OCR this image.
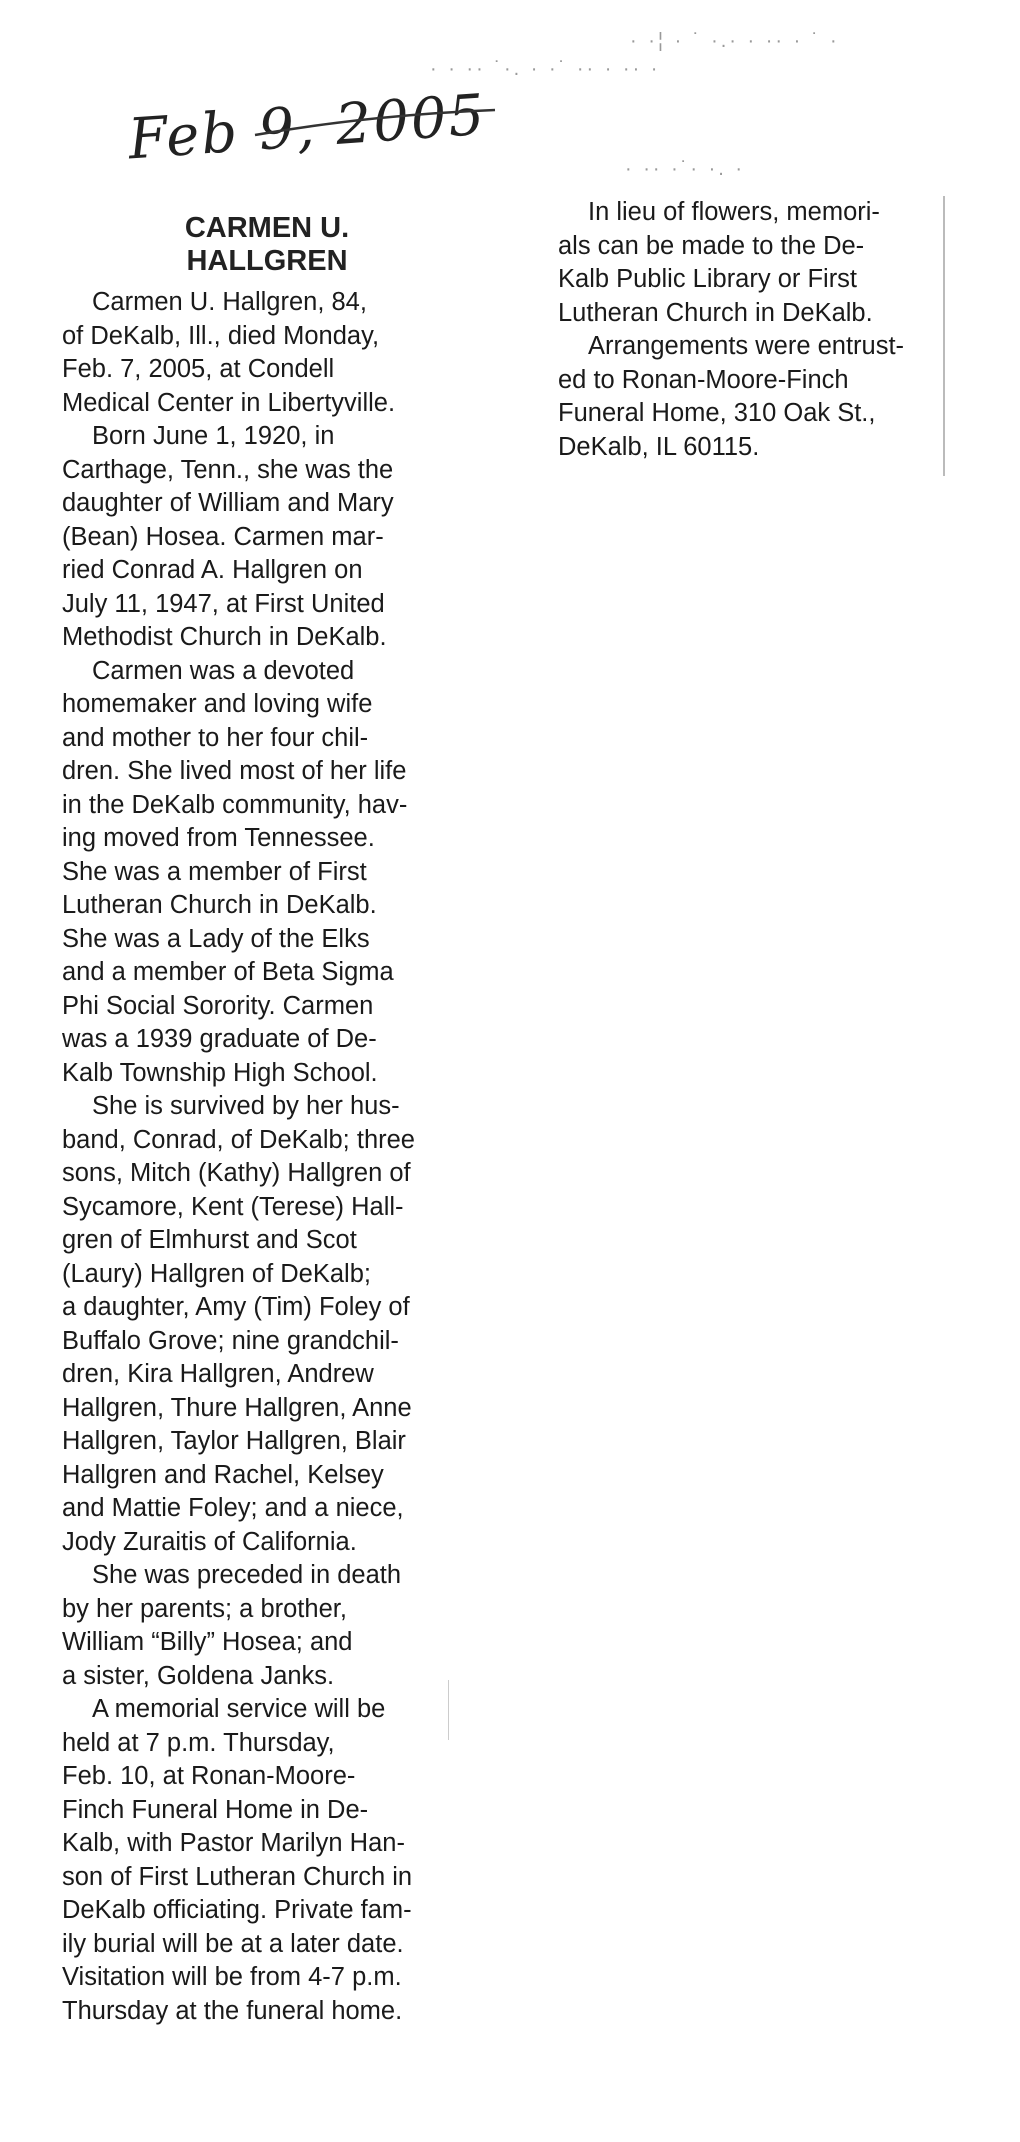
Feb 9, 2005
· ·¦ · ˙ ·.· · ·· · ˙ ·
· · ·· ˙·. · ·˙ ·· · ·· ·
· ·· ·˙· ·. ·
CARMEN U.
HALLGREN
Carmen U. Hallgren, 84,
of DeKalb, Ill., died Monday,
Feb. 7, 2005, at Condell
Medical Center in Libertyville.
Born June 1, 1920, in
Carthage, Tenn., she was the
daughter of William and Mary
(Bean) Hosea. Carmen mar-
ried Conrad A. Hallgren on
July 11, 1947, at First United
Methodist Church in DeKalb.
Carmen was a devoted
homemaker and loving wife
and mother to her four chil-
dren. She lived most of her life
in the DeKalb community, hav-
ing moved from Tennessee.
She was a member of First
Lutheran Church in DeKalb.
She was a Lady of the Elks
and a member of Beta Sigma
Phi Social Sorority. Carmen
was a 1939 graduate of De-
Kalb Township High School.
She is survived by her hus-
band, Conrad, of DeKalb; three
sons, Mitch (Kathy) Hallgren of
Sycamore, Kent (Terese) Hall-
gren of Elmhurst and Scot
(Laury) Hallgren of DeKalb;
a daughter, Amy (Tim) Foley of
Buffalo Grove; nine grandchil-
dren, Kira Hallgren, Andrew
Hallgren, Thure Hallgren, Anne
Hallgren, Taylor Hallgren, Blair
Hallgren and Rachel, Kelsey
and Mattie Foley; and a niece,
Jody Zuraitis of California.
She was preceded in death
by her parents; a brother,
William “Billy” Hosea; and
a sister, Goldena Janks.
A memorial service will be
held at 7 p.m. Thursday,
Feb. 10, at Ronan-Moore-
Finch Funeral Home in De-
Kalb, with Pastor Marilyn Han-
son of First Lutheran Church in
DeKalb officiating. Private fam-
ily burial will be at a later date.
Visitation will be from 4-7 p.m.
Thursday at the funeral home.
In lieu of flowers, memori-
als can be made to the De-
Kalb Public Library or First
Lutheran Church in DeKalb.
Arrangements were entrust-
ed to Ronan-Moore-Finch
Funeral Home, 310 Oak St.,
DeKalb, IL 60115.
